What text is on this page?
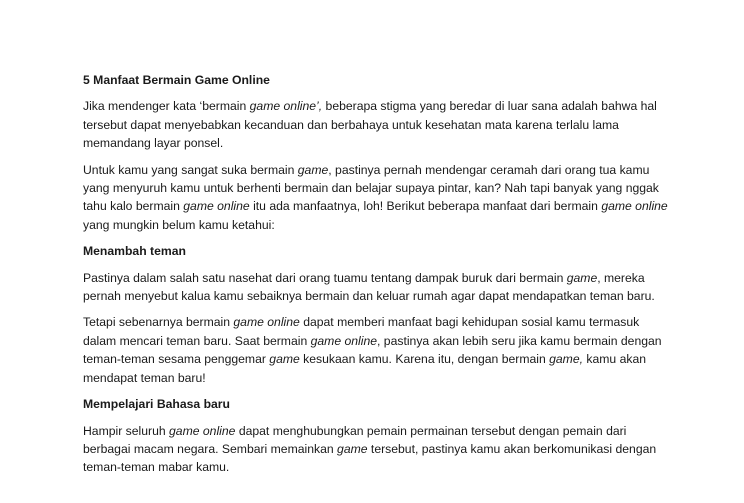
5 Manfaat Bermain Game Online

Jika mendenger kata ‘bermain game online’, beberapa stigma yang beredar di luar sana adalah bahwa hal tersebut dapat menyebabkan kecanduan dan berbahaya untuk kesehatan mata karena terlalu lama memandang layar ponsel.

Untuk kamu yang sangat suka bermain game, pastinya pernah mendengar ceramah dari orang tua kamu yang menyuruh kamu untuk berhenti bermain dan belajar supaya pintar, kan? Nah tapi banyak yang nggak tahu kalo bermain game online itu ada manfaatnya, loh! Berikut beberapa manfaat dari bermain game online yang mungkin belum kamu ketahui:

Menambah teman

Pastinya dalam salah satu nasehat dari orang tuamu tentang dampak buruk dari bermain game, mereka pernah menyebut kalua kamu sebaiknya bermain dan keluar rumah agar dapat mendapatkan teman baru.

Tetapi sebenarnya bermain game online dapat memberi manfaat bagi kehidupan sosial kamu termasuk dalam mencari teman baru. Saat bermain game online, pastinya akan lebih seru jika kamu bermain dengan teman-teman sesama penggemar game kesukaan kamu. Karena itu, dengan bermain game, kamu akan mendapat teman baru!

Mempelajari Bahasa baru

Hampir seluruh game online dapat menghubungkan pemain permainan tersebut dengan pemain dari berbagai macam negara. Sembari memainkan game tersebut, pastinya kamu akan berkomunikasi dengan teman-teman mabar kamu.
